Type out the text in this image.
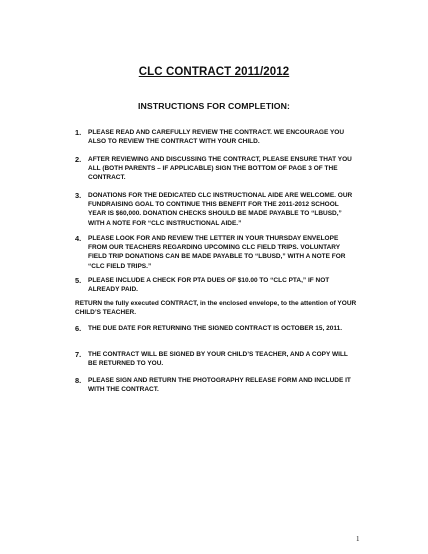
CLC CONTRACT 2011/2012
INSTRUCTIONS FOR COMPLETION:
1. PLEASE READ AND CAREFULLY REVIEW THE CONTRACT. WE ENCOURAGE YOU ALSO TO REVIEW THE CONTRACT WITH YOUR CHILD.
2. AFTER REVIEWING AND DISCUSSING THE CONTRACT, PLEASE ENSURE THAT YOU ALL (BOTH PARENTS – IF APPLICABLE) SIGN THE BOTTOM OF PAGE 3 OF THE CONTRACT.
3. DONATIONS FOR THE DEDICATED CLC INSTRUCTIONAL AIDE ARE WELCOME. OUR FUNDRAISING GOAL TO CONTINUE THIS BENEFIT FOR THE 2011-2012 SCHOOL YEAR IS $60,000. DONATION CHECKS SHOULD BE MADE PAYABLE TO “LBUSD,” WITH A NOTE FOR “CLC INSTRUCTIONAL AIDE.”
4. PLEASE LOOK FOR AND REVIEW THE LETTER IN YOUR THURSDAY ENVELOPE FROM OUR TEACHERS REGARDING UPCOMING CLC FIELD TRIPS. VOLUNTARY FIELD TRIP DONATIONS CAN BE MADE PAYABLE TO “LBUSD,” WITH A NOTE FOR “CLC FIELD TRIPS.”
5. PLEASE INCLUDE A CHECK FOR PTA DUES OF $10.00 TO “CLC PTA,” IF NOT ALREADY PAID.
RETURN the fully executed CONTRACT, in the enclosed envelope, to the attention of YOUR CHILD’S TEACHER.
6. THE DUE DATE FOR RETURNING THE SIGNED CONTRACT IS OCTOBER 15, 2011.
7. THE CONTRACT WILL BE SIGNED BY YOUR CHILD’S TEACHER, AND A COPY WILL BE RETURNED TO YOU.
8. PLEASE SIGN AND RETURN THE PHOTOGRAPHY RELEASE FORM AND INCLUDE IT WITH THE CONTRACT.
1
